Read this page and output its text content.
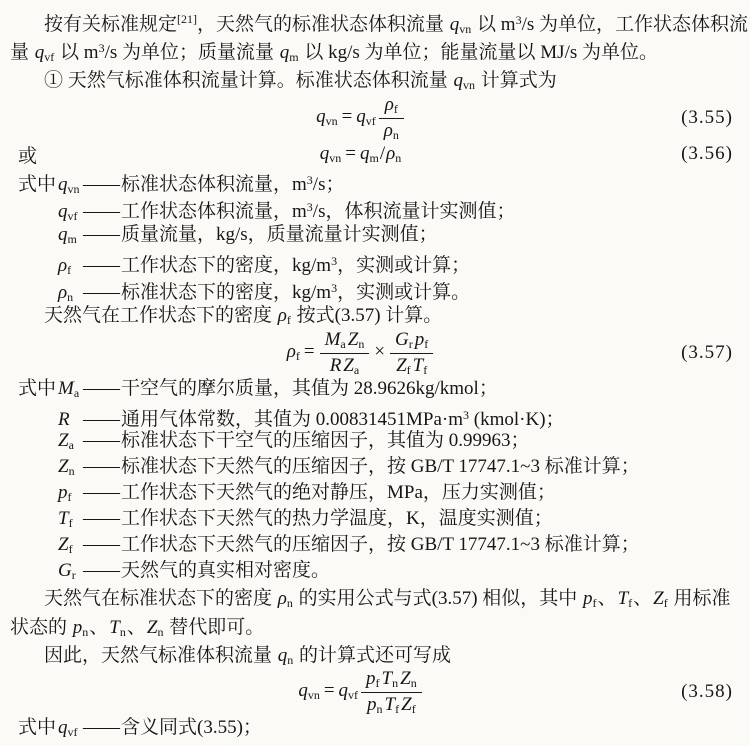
按有关标准规定[21]，天然气的标准状态体积流量 $q_{vn}$ 以 $m^3/s$ 为单位，工作状态体积流
量 $q_{vf}$ 以 $m^3/s$ 为单位；质量流量 $q_m$ 以 kg/s 为单位；能量流量以 MJ/s 为单位。
① 天然气标准体积流量计算。标准状态体积流量 $q_{vn}$ 计算式为
$q_{vn} = q_{vf} \frac{\rho_f}{\rho_n}$	(3.55)
或	$q_{vn} = q_m/\rho_n$	(3.56)
式中 $q_{vn}$ —— 标准状态体积流量，$m^3/s$；
$q_{vf}$ —— 工作状态体积流量，$m^3/s$，体积流量计实测值；
$q_m$ —— 质量流量，kg/s，质量流量计实测值；
$\rho_f$ —— 工作状态下的密度，$kg/m^3$，实测或计算；
$\rho_n$ —— 标准状态下的密度，$kg/m^3$，实测或计算。
天然气在工作状态下的密度 $\rho_f$ 按式(3.57) 计算。
$\rho_f = \frac{M_a Z_n}{R Z_a} \times \frac{G_r p_f}{Z_f T_f}$	(3.57)
式中 $M_a$ —— 干空气的摩尔质量，其值为 28.9626kg/kmol；
R —— 通用气体常数，其值为 $0.00831451MPa\cdot m^3$ (kmol·K)；
$Z_a$ —— 标准状态下干空气的压缩因子，其值为 0.99963；
$Z_n$ —— 标准状态下天然气的压缩因子，按 GB/T 17747.1~3 标准计算；
$p_f$ —— 工作状态下天然气的绝对静压，MPa，压力实测值；
$T_f$ —— 工作状态下天然气的热力学温度，K，温度实测值；
$Z_f$ —— 工作状态下天然气的压缩因子，按 GB/T 17747.1~3 标准计算；
$G_r$ —— 天然气的真实相对密度。
天然气在标准状态下的密度 $\rho_n$ 的实用公式与式(3.57) 相似，其中 $p_f$、$T_f$、$Z_f$ 用标准
状态的 $p_n$、$T_n$、$Z_n$ 替代即可。
因此，天然气标准体积流量 $q_n$ 的计算式还可写成
$q_{vn} = q_{vf} \frac{p_f T_n Z_n}{p_n T_f Z_f}$	(3.58)
式中 $q_{vf}$ —— 含义同式(3.55)；
